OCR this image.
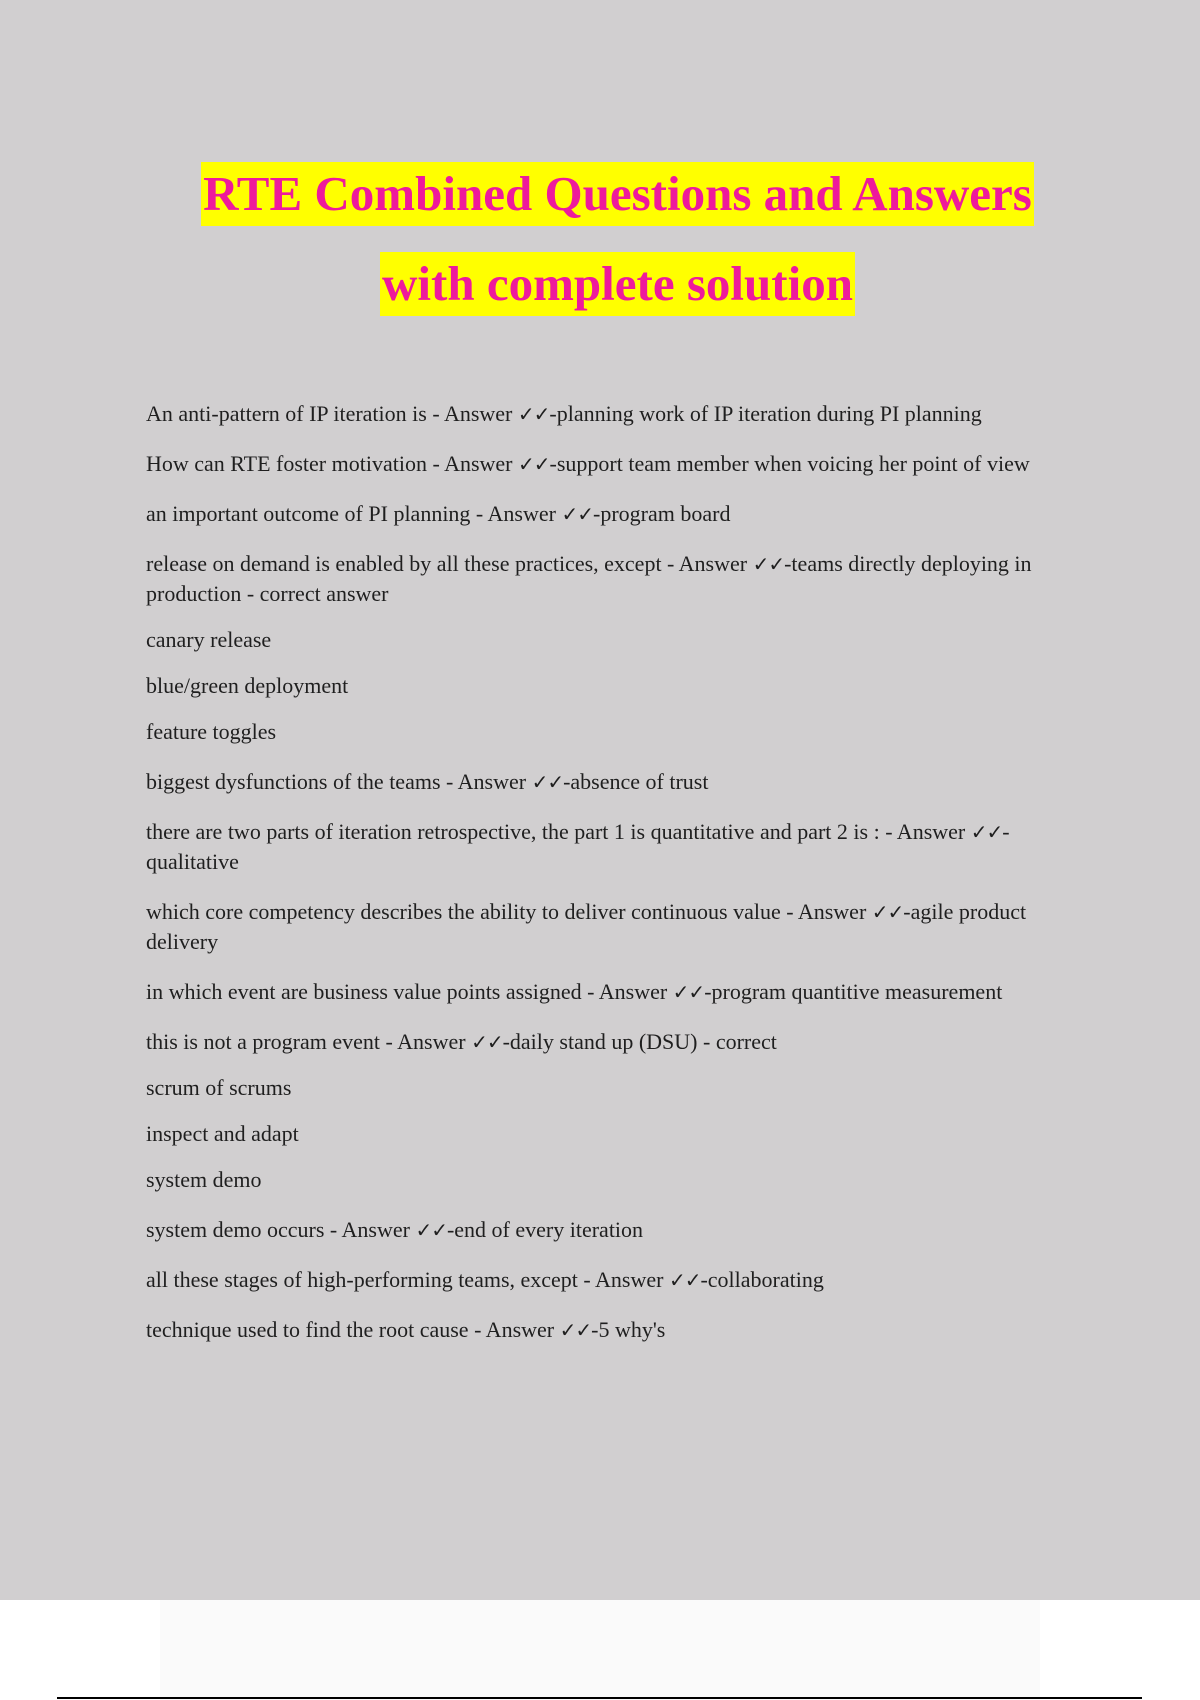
RTE Combined Questions and Answers
with complete solution
An anti-pattern of IP iteration is - Answer ✓✓-planning work of IP iteration during PI planning
How can RTE foster motivation - Answer ✓✓-support team member when voicing her point of view
an important outcome of PI planning - Answer ✓✓-program board
release on demand is enabled by all these practices, except - Answer ✓✓-teams directly deploying in production - correct answer
canary release
blue/green deployment
feature toggles
biggest dysfunctions of the teams - Answer ✓✓-absence of trust
there are two parts of iteration retrospective, the part 1 is quantitative and part 2 is : - Answer ✓✓-qualitative
which core competency describes the ability to deliver continuous value - Answer ✓✓-agile product delivery
in which event are business value points assigned - Answer ✓✓-program quantitive measurement
this is not a program event - Answer ✓✓-daily stand up (DSU) - correct
scrum of scrums
inspect and adapt
system demo
system demo occurs - Answer ✓✓-end of every iteration
all these stages of high-performing teams, except - Answer ✓✓-collaborating
technique used to find the root cause - Answer ✓✓-5 why's
